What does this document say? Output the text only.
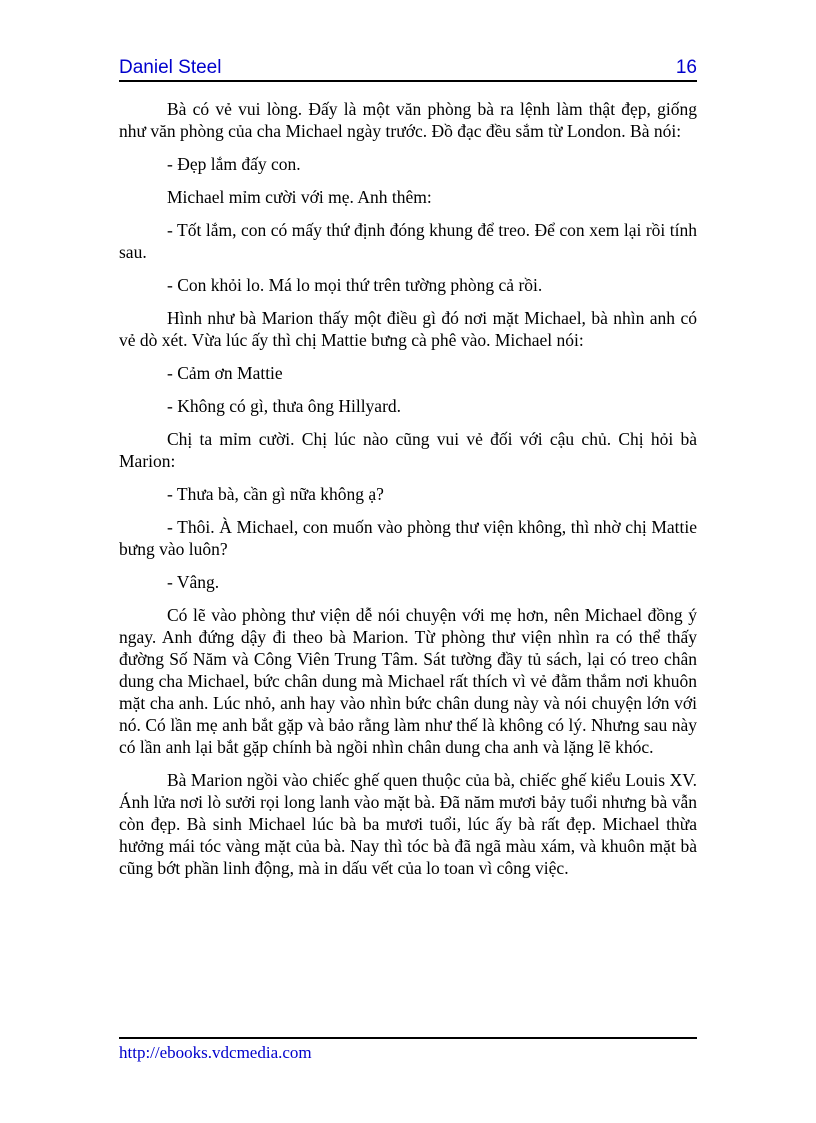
Daniel Steel	16

Bà có vẻ vui lòng. Đấy là một văn phòng bà ra lệnh làm thật đẹp, giống như văn phòng của cha Michael ngày trước. Đồ đạc đều sắm từ London. Bà nói:

- Đẹp lắm đấy con.

Michael mỉm cười với mẹ. Anh thêm:

- Tốt lắm, con có mấy thứ định đóng khung để treo. Để con xem lại rồi tính sau.

- Con khỏi lo. Má lo mọi thứ trên tường phòng cả rồi.

Hình như bà Marion thấy một điều gì đó nơi mặt Michael, bà nhìn anh có vẻ dò xét. Vừa lúc ấy thì chị Mattie bưng cà phê vào. Michael nói:

- Cảm ơn Mattie

- Không có gì, thưa ông Hillyard.

Chị ta mỉm cười. Chị lúc nào cũng vui vẻ đối với cậu chủ. Chị hỏi bà Marion:

- Thưa bà, cần gì nữa không ạ?

- Thôi. À Michael, con muốn vào phòng thư viện không, thì nhờ chị Mattie bưng vào luôn?

- Vâng.

Có lẽ vào phòng thư viện dễ nói chuyện với mẹ hơn, nên Michael đồng ý ngay. Anh đứng dậy đi theo bà Marion. Từ phòng thư viện nhìn ra có thể thấy đường Số Năm và Công Viên Trung Tâm. Sát tường đầy tủ sách, lại có treo chân dung cha Michael, bức chân dung mà Michael rất thích vì vẻ đằm thắm nơi khuôn mặt cha anh. Lúc nhỏ, anh hay vào nhìn bức chân dung này và nói chuyện lớn với nó. Có lần mẹ anh bắt gặp và bảo rằng làm như thế là không có lý. Nhưng sau này có lần anh lại bắt gặp chính bà ngồi nhìn chân dung cha anh và lặng lẽ khóc.

Bà Marion ngồi vào chiếc ghế quen thuộc của bà, chiếc ghế kiểu Louis XV. Ánh lửa nơi lò sưởi rọi long lanh vào mặt bà. Đã năm mươi bảy tuổi nhưng bà vẫn còn đẹp. Bà sinh Michael lúc bà ba mươi tuổi, lúc ấy bà rất đẹp. Michael thừa hưởng mái tóc vàng mặt của bà. Nay thì tóc bà đã ngã màu xám, và khuôn mặt bà cũng bớt phần linh động, mà in dấu vết của lo toan vì công việc.

http://ebooks.vdcmedia.com
